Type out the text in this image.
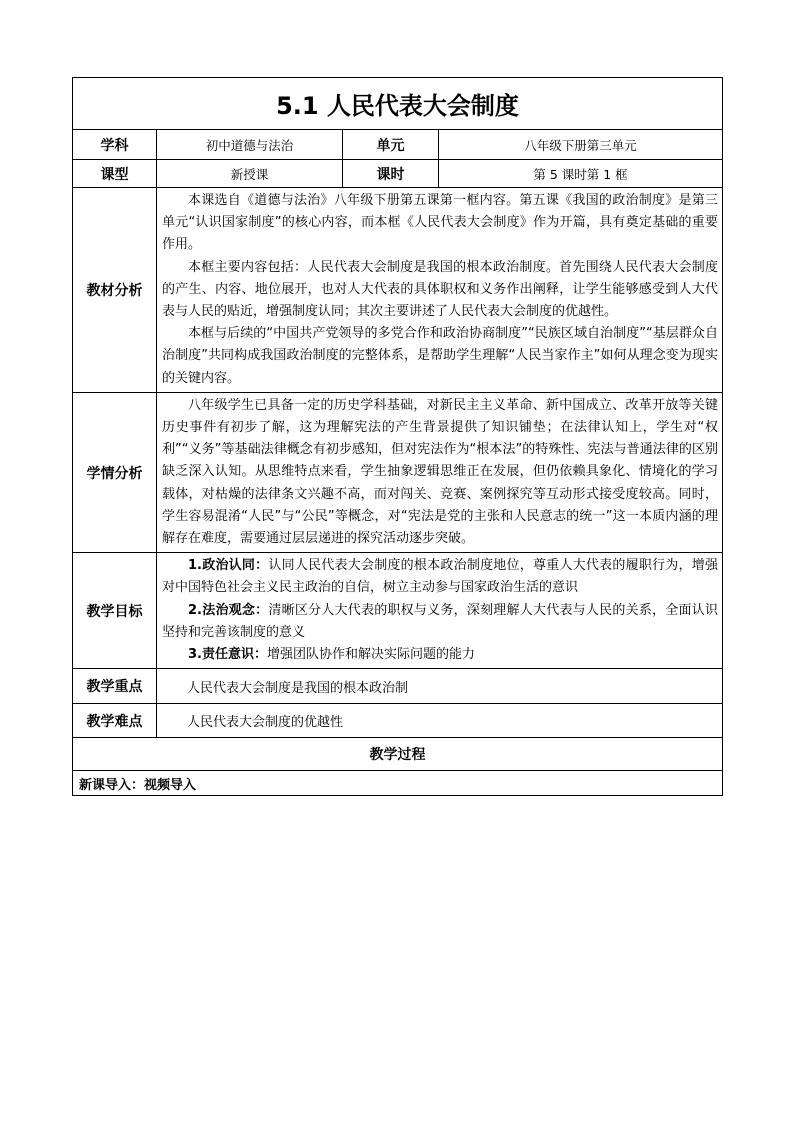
5.1 人民代表大会制度			
学科	初中道德与法治	单元	八年级下册第三单元
课型	新授课	课时	第 5 课时第 1 框
教材分析	本课选自《道德与法治》八年级下册第五课第一框内容。第五课《我国的政治制度》是第三单元“认识国家制度”的核心内容，而本框《人民代表大会制度》作为开篇，具有奠定基础的重要作用。

本框主要内容包括：人民代表大会制度是我国的根本政治制度。首先围绕人民代表大会制度的产生、内容、地位展开，也对人大代表的具体职权和义务作出阐释，让学生能够感受到人大代表与人民的贴近，增强制度认同；其次主要讲述了人民代表大会制度的优越性。

本框与后续的“中国共产党领导的多党合作和政治协商制度”“民族区域自治制度”“基层群众自治制度”共同构成我国政治制度的完整体系，是帮助学生理解“人民当家作主”如何从理念变为现实的关键内容。		

学情分析	八年级学生已具备一定的历史学科基础，对新民主主义革命、新中国成立、改革开放等关键历史事件有初步了解，这为理解宪法的产生背景提供了知识铺垫；在法律认知上，学生对“权利”“义务”等基础法律概念有初步感知，但对宪法作为“根本法”的特殊性、宪法与普通法律的区别缺乏深入认知。从思维特点来看，学生抽象逻辑思维正在发展，但仍依赖具象化、情境化的学习载体，对枯燥的法律条文兴趣不高，而对闯关、竞赛、案例探究等互动形式接受度较高。同时，学生容易混淆“人民”与“公民”等概念，对“宪法是党的主张和人民意志的统一”这一本质内涵的理解存在难度，需要通过层层递进的探究活动逐步突破。		

教学目标	1.政治认同：认同人民代表大会制度的根本政治制度地位，尊重人大代表的履职行为，增强对中国特色社会主义民主政治的自信，树立主动参与国家政治生活的意识

2.法治观念：清晰区分人大代表的职权与义务，深刻理解人大代表与人民的关系，全面认识坚持和完善该制度的意义

3.责任意识：增强团队协作和解决实际问题的能力		

教学重点	人民代表大会制度是我国的根本政治制		
教学难点	人民代表大会制度的优越性		
教学过程			
新课导入：视频导入			
